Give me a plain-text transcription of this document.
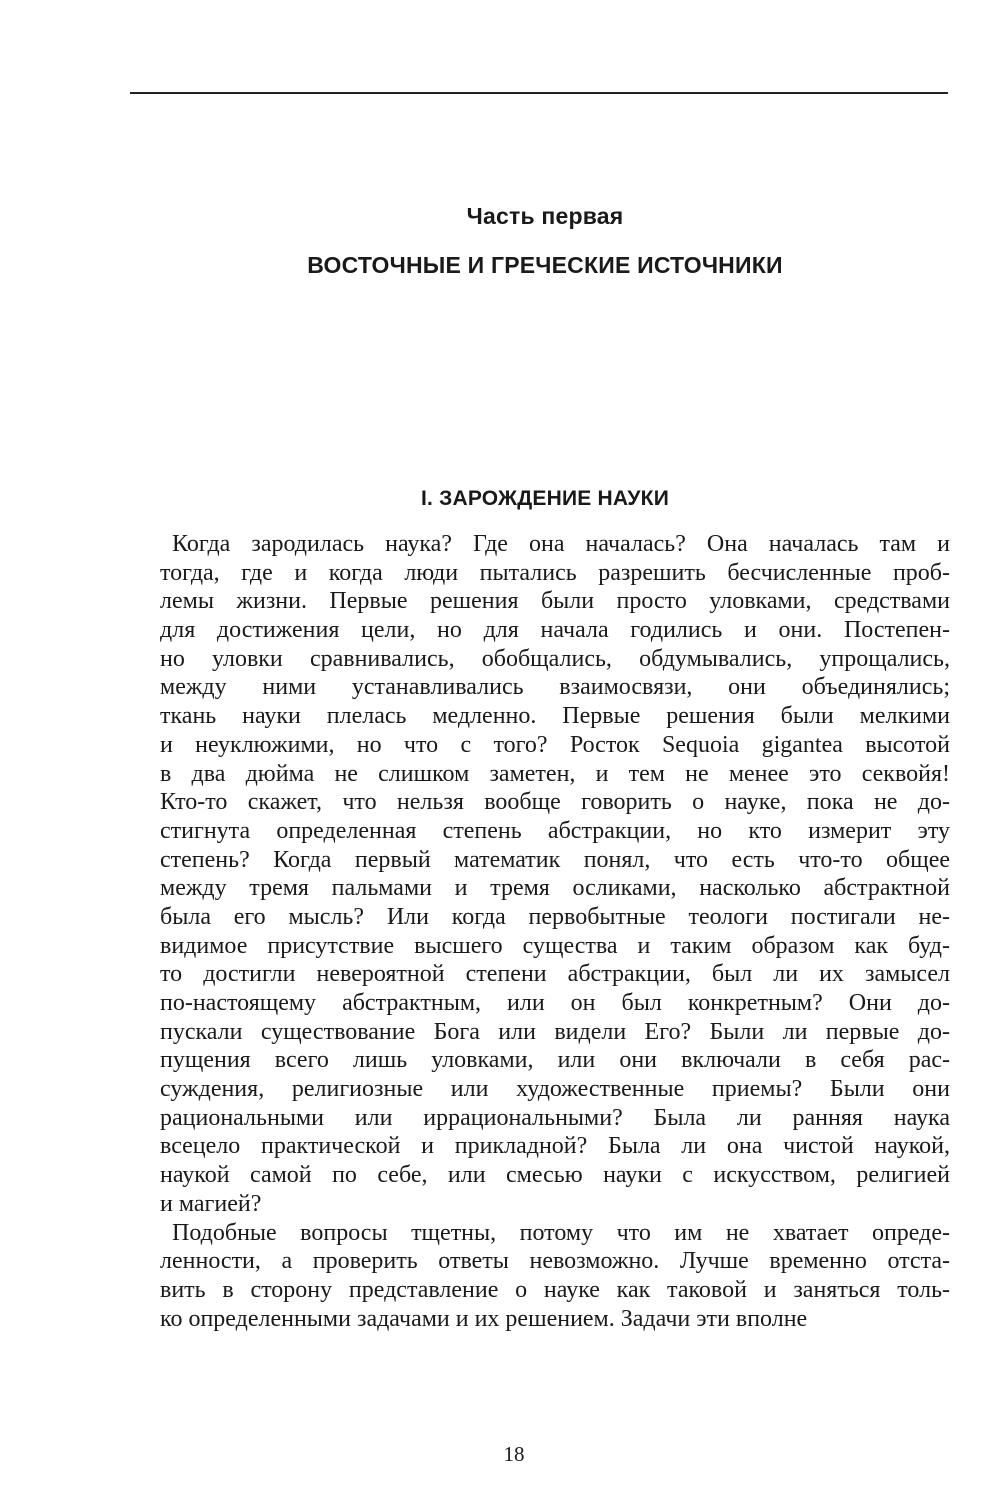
Часть первая
ВОСТОЧНЫЕ И ГРЕЧЕСКИЕ ИСТОЧНИКИ
I. ЗАРОЖДЕНИЕ НАУКИ
Когда зародилась наука? Где она началась? Она началась там и
тогда, где и когда люди пытались разрешить бесчисленные проб-
лемы жизни. Первые решения были просто уловками, средствами
для достижения цели, но для начала годились и они. Постепен-
но уловки сравнивались, обобщались, обдумывались, упрощались,
между ними устанавливались взаимосвязи, они объединялись;
ткань науки плелась медленно. Первые решения были мелкими
и неуклюжими, но что с того? Росток Sequoia gigantea высотой
в два дюйма не слишком заметен, и тем не менее это секвойя!
Кто-то скажет, что нельзя вообще говорить о науке, пока не до-
стигнута определенная степень абстракции, но кто измерит эту
степень? Когда первый математик понял, что есть что-то общее
между тремя пальмами и тремя осликами, насколько абстрактной
была его мысль? Или когда первобытные теологи постигали не-
видимое присутствие высшего существа и таким образом как буд-
то достигли невероятной степени абстракции, был ли их замысел
по-настоящему абстрактным, или он был конкретным? Они до-
пускали существование Бога или видели Его? Были ли первые до-
пущения всего лишь уловками, или они включали в себя рас-
суждения, религиозные или художественные приемы? Были они
рациональными или иррациональными? Была ли ранняя наука
всецело практической и прикладной? Была ли она чистой наукой,
наукой самой по себе, или смесью науки с искусством, религией
и магией?
Подобные вопросы тщетны, потому что им не хватает опреде-
ленности, а проверить ответы невозможно. Лучше временно отста-
вить в сторону представление о науке как таковой и заняться толь-
ко определенными задачами и их решением. Задачи эти вполне
18
